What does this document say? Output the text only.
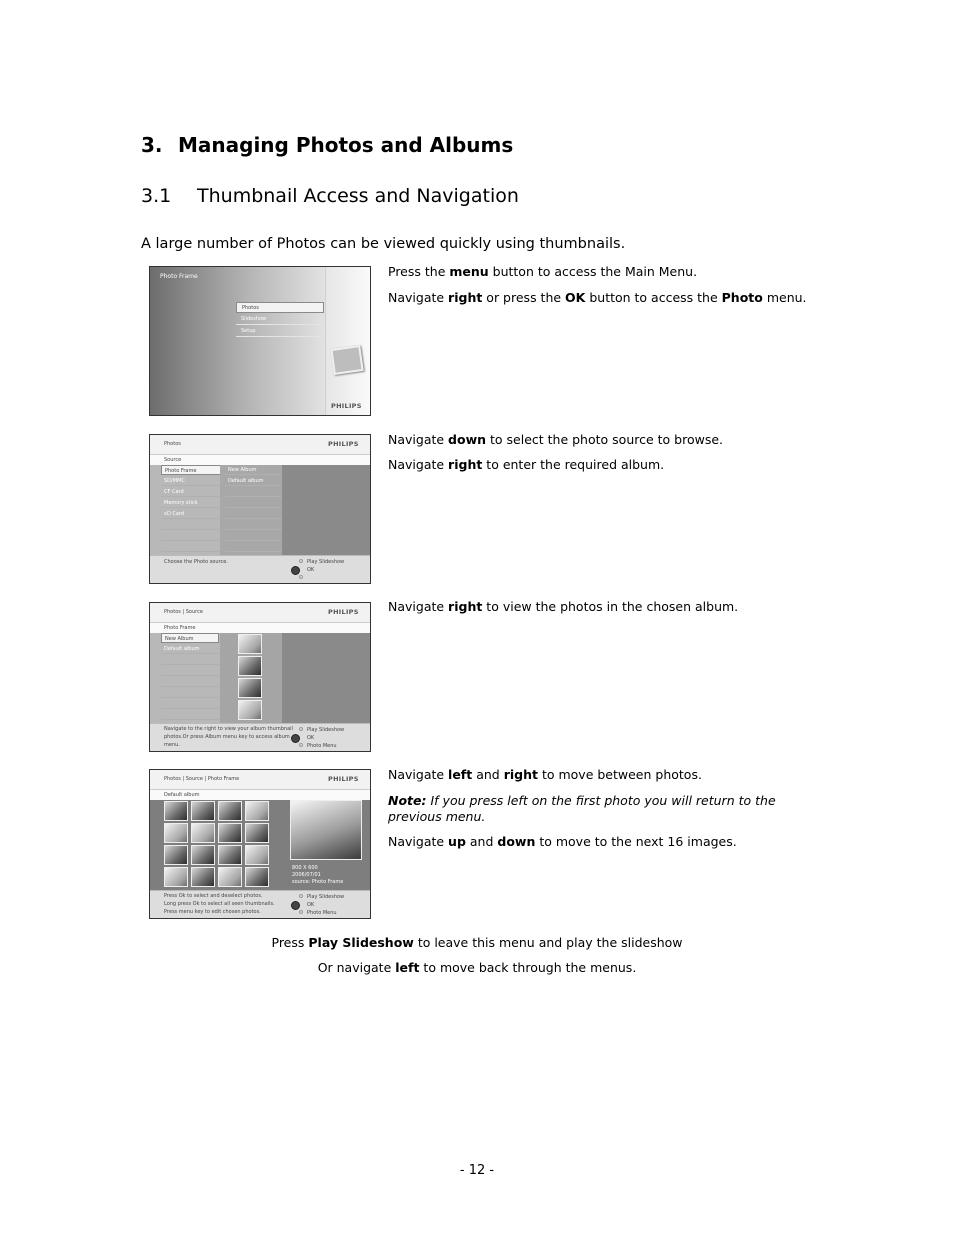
3. Managing Photos and Albums
3.1 Thumbnail Access and Navigation

A large number of Photos can be viewed quickly using thumbnails.

Photo Frame
Photos
Slideshow
Setup
PHILIPS
Photos	PHILIPS
Source
Photo Frame
SD/MMC
CF Card
Memory stick
xD Card
New Album
Default album
Choose the Photo source.	Play Slideshow
OK
Photos | Source	PHILIPS
Photo Frame
New Album
Default album
Navigate to the right to view your album thumbnail
photos.Or press Album menu key to access album
menu.
Play Slideshow
OK
Photo Menu
Photos | Source | Photo Frame	PHILIPS
Default album
800 X 600
2006/07/01
source: Photo Frame
Press Ok to select and deselect photos.
Long press Ok to select all seen thumbnails.
Press menu key to edit chosen photos.
Play Slideshow
OK
Photo Menu

Press the menu button to access the Main Menu.

Navigate right or press the OK button to access the Photo menu.

Navigate down to select the photo source to browse.

Navigate right to enter the required album.

Navigate right to view the photos in the chosen album.

Navigate left and right to move between photos.

Note: If you press left on the first photo you will return to the previous menu.

Navigate up and down to move to the next 16 images.

Press Play Slideshow to leave this menu and play the slideshow

Or navigate left to move back through the menus.

- 12 -
